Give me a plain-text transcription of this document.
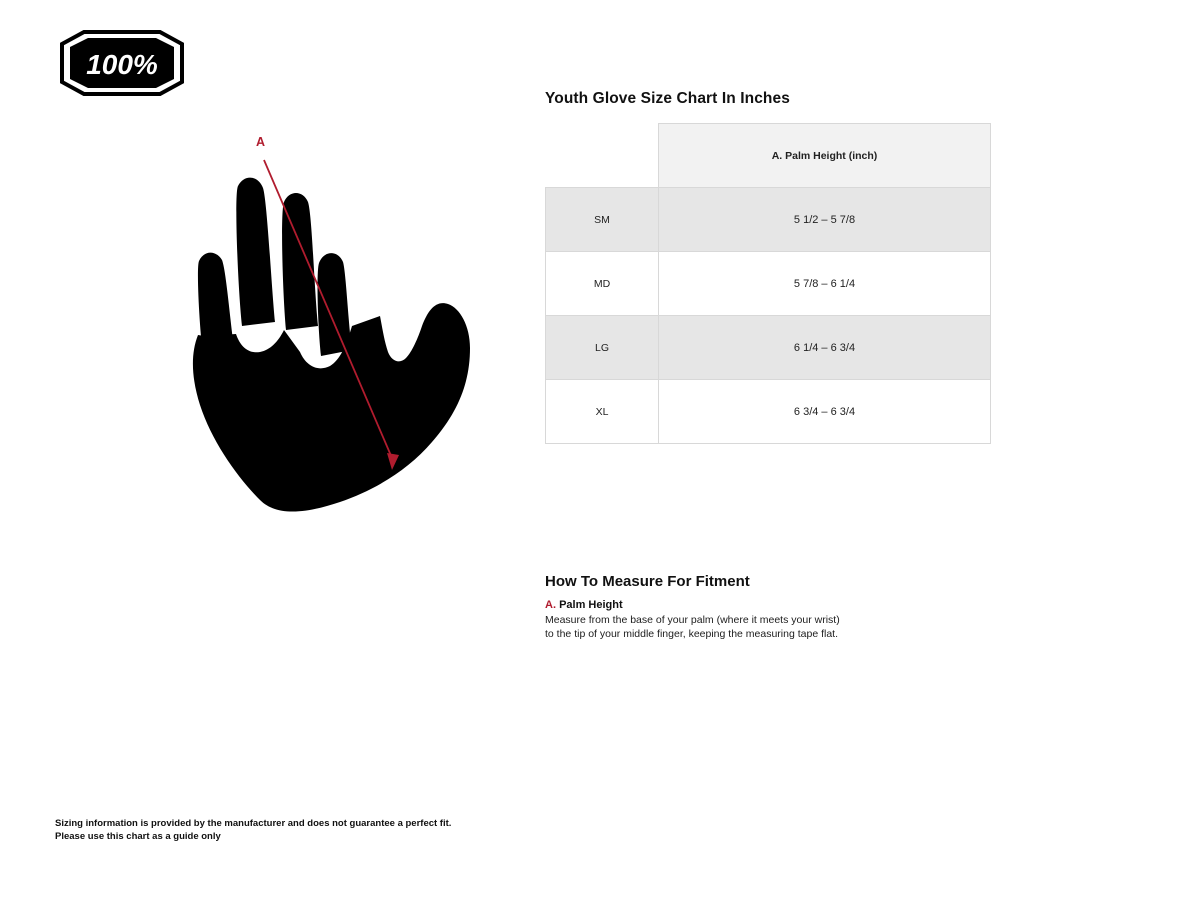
100%
A
Youth Glove Size Chart In Inches
	A. Palm Height (inch)
SM	5 1/2 – 5 7/8
MD	5 7/8 – 6 1/4
LG	6 1/4 – 6 3/4
XL	6 3/4 – 6 3/4
How To Measure For Fitment
A. Palm Height
Measure from the base of your palm (where it meets your wrist) to the tip of your middle finger, keeping the measuring tape flat.
Sizing information is provided by the manufacturer and does not guarantee a perfect fit.
Please use this chart as a guide only
